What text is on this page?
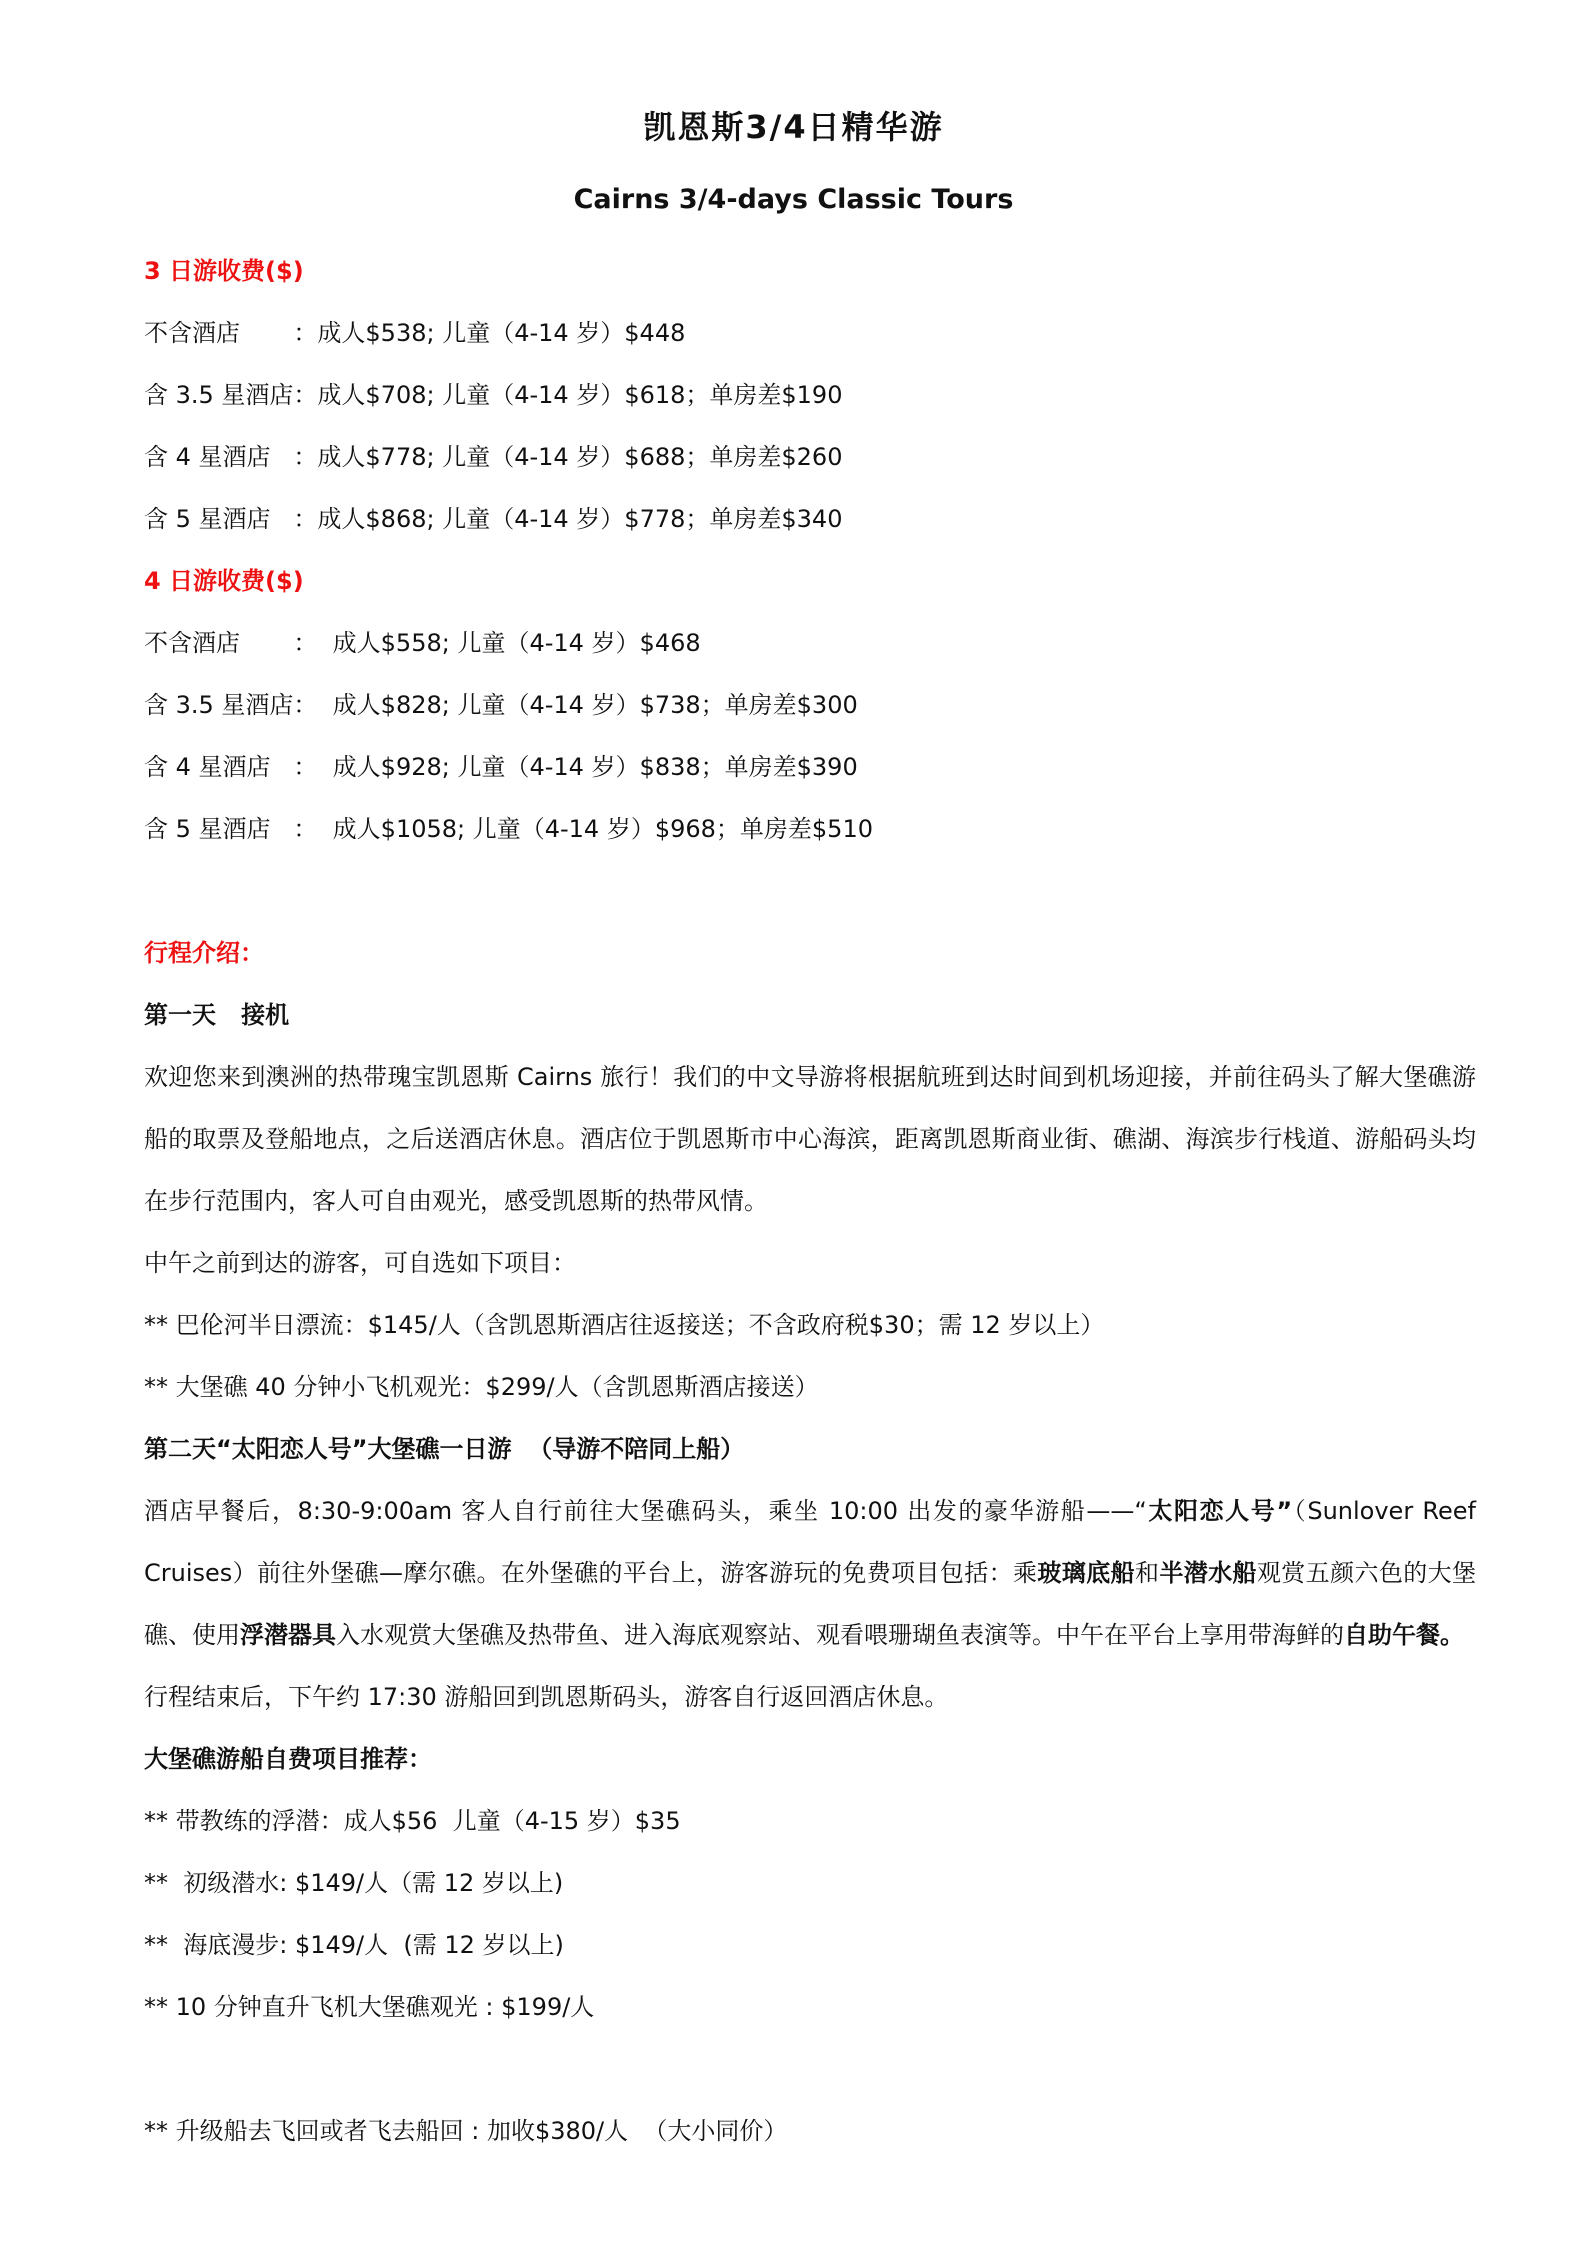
凯恩斯3/4日精华游
Cairns 3/4-days Classic Tours
3 日游收费($)
不含酒店       ：成人$538; 儿童（4-14 岁）$448
含 3.5 星酒店：成人$708; 儿童（4-14 岁）$618；单房差$190
含 4 星酒店   ：成人$778; 儿童（4-14 岁）$688；单房差$260
含 5 星酒店   ：成人$868; 儿童（4-14 岁）$778；单房差$340
4 日游收费($)
不含酒店       ：  成人$558; 儿童（4-14 岁）$468
含 3.5 星酒店：  成人$828; 儿童（4-14 岁）$738；单房差$300
含 4 星酒店   ：  成人$928; 儿童（4-14 岁）$838；单房差$390
含 5 星酒店   ：  成人$1058; 儿童（4-14 岁）$968；单房差$510
行程介绍：
第一天   接机
欢迎您来到澳洲的热带瑰宝凯恩斯 Cairns 旅行！我们的中文导游将根据航班到达时间到机场迎接，并前往码头了解大堡礁游船的取票及登船地点，之后送酒店休息。酒店位于凯恩斯市中心海滨，距离凯恩斯商业街、礁湖、海滨步行栈道、游船码头均在步行范围内，客人可自由观光，感受凯恩斯的热带风情。
中午之前到达的游客，可自选如下项目：
** 巴伦河半日漂流：$145/人（含凯恩斯酒店往返接送；不含政府税$30；需 12 岁以上）
** 大堡礁 40 分钟小飞机观光：$299/人（含凯恩斯酒店接送）
第二天“太阳恋人号”大堡礁一日游  （导游不陪同上船）
酒店早餐后，8:30-9:00am 客人自行前往大堡礁码头，乘坐 10:00 出发的豪华游船——“太阳恋人号”（Sunlover Reef Cruises）前往外堡礁—摩尔礁。在外堡礁的平台上，游客游玩的免费项目包括：乘玻璃底船和半潜水船观赏五颜六色的大堡礁、使用浮潜器具入水观赏大堡礁及热带鱼、进入海底观察站、观看喂珊瑚鱼表演等。中午在平台上享用带海鲜的自助午餐。
行程结束后，下午约 17:30 游船回到凯恩斯码头，游客自行返回酒店休息。
大堡礁游船自费项目推荐：
** 带教练的浮潜：成人$56  儿童（4-15 岁）$35
**  初级潜水: $149/人（需 12 岁以上)
**  海底漫步: $149/人  (需 12 岁以上)
** 10 分钟直升飞机大堡礁观光 : $199/人
** 升级船去飞回或者飞去船回 : 加收$380/人  （大小同价）
